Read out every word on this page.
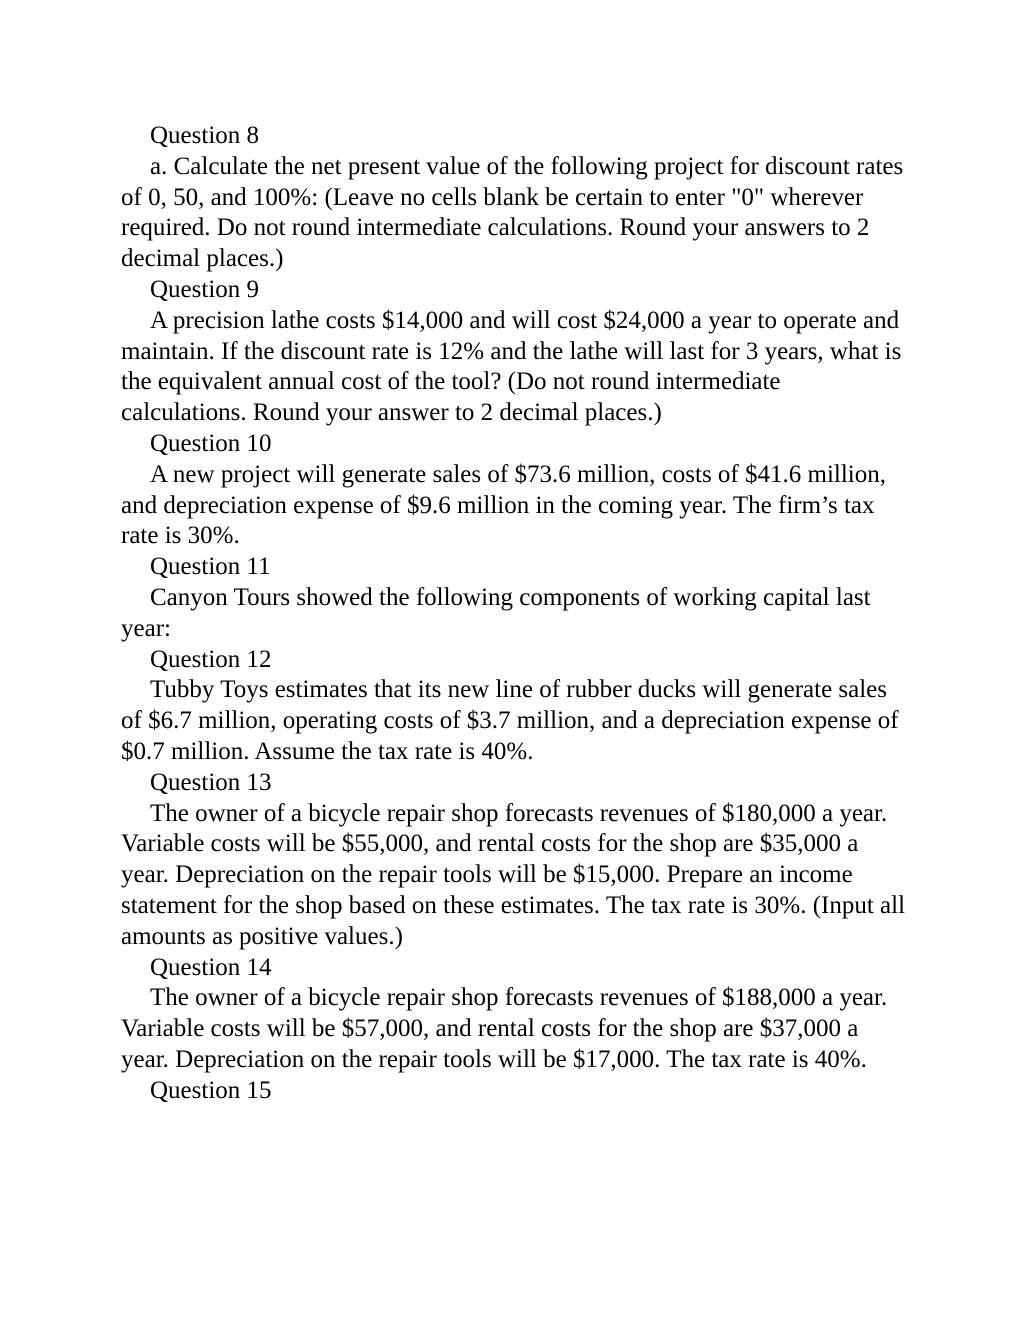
Question 8

a. Calculate the net present value of the following project for discount rates of 0, 50, and 100%: (Leave no cells blank be certain to enter "0" wherever required. Do not round intermediate calculations. Round your answers to 2 decimal places.)

Question 9

A precision lathe costs $14,000 and will cost $24,000 a year to operate and maintain. If the discount rate is 12% and the lathe will last for 3 years, what is the equivalent annual cost of the tool? (Do not round intermediate calculations. Round your answer to 2 decimal places.)

Question 10

A new project will generate sales of $73.6 million, costs of $41.6 million, and depreciation expense of $9.6 million in the coming year. The firm’s tax rate is 30%.

Question 11

Canyon Tours showed the following components of working capital last year:

Question 12

Tubby Toys estimates that its new line of rubber ducks will generate sales of $6.7 million, operating costs of $3.7 million, and a depreciation expense of $0.7 million. Assume the tax rate is 40%.

Question 13

The owner of a bicycle repair shop forecasts revenues of $180,000 a year. Variable costs will be $55,000, and rental costs for the shop are $35,000 a year. Depreciation on the repair tools will be $15,000. Prepare an income statement for the shop based on these estimates. The tax rate is 30%. (Input all amounts as positive values.)

Question 14

The owner of a bicycle repair shop forecasts revenues of $188,000 a year. Variable costs will be $57,000, and rental costs for the shop are $37,000 a year. Depreciation on the repair tools will be $17,000. The tax rate is 40%.

Question 15
